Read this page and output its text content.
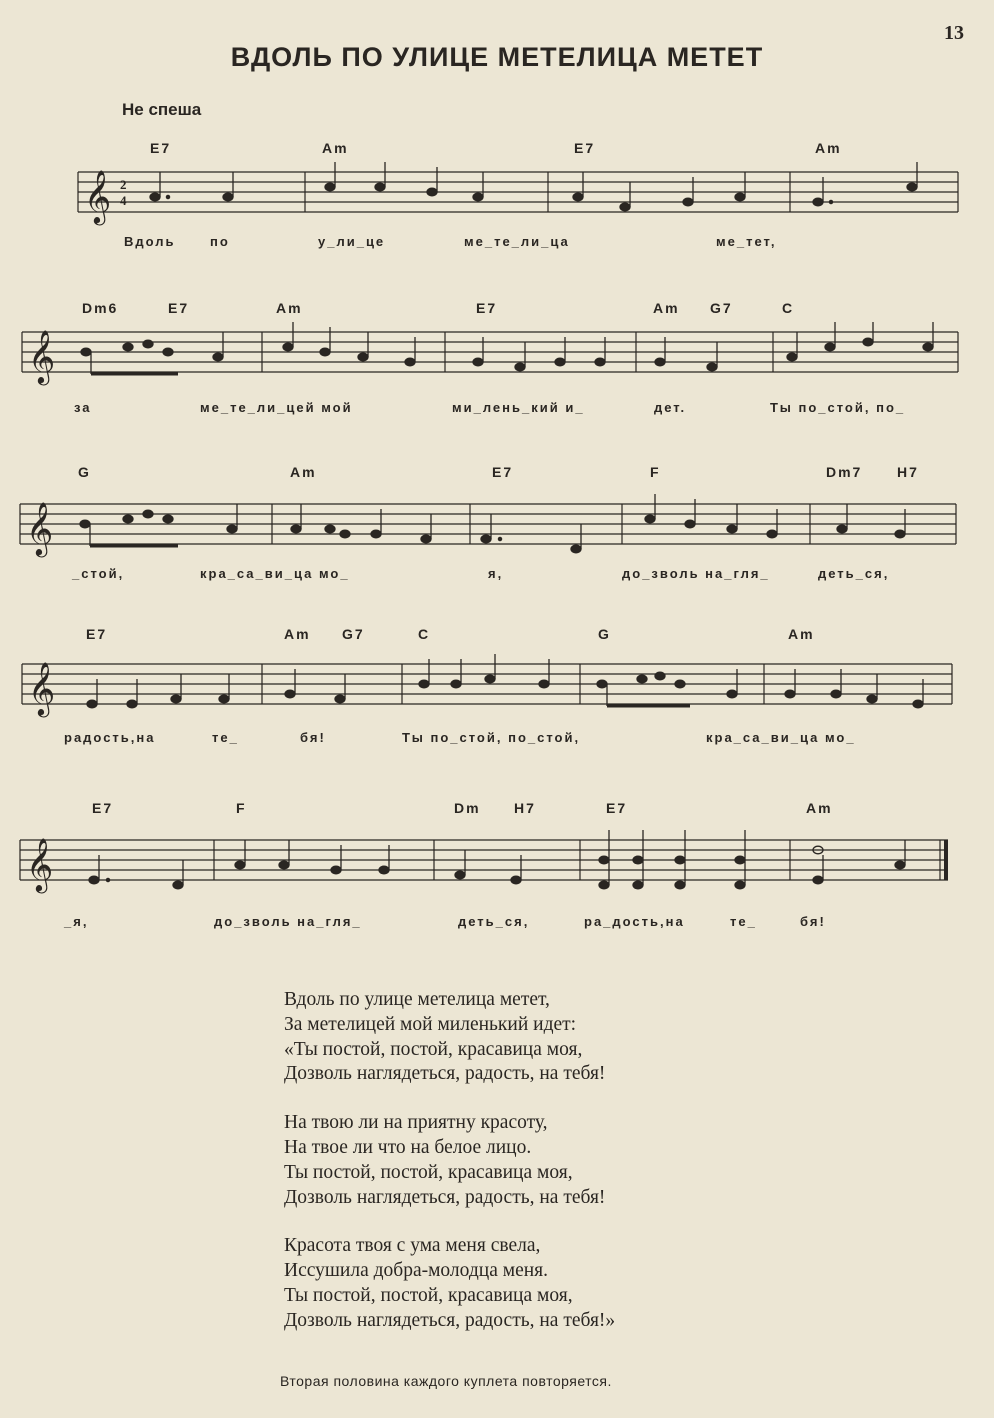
13
ВДОЛЬ ПО УЛИЦЕ МЕТЕЛИЦА МЕТЕТ
Не спеша
E7	Am	E7	Am
𝄞 2
4
Вдоль	по	у_ли_це	ме_те_ли_ца	ме_тет,
Dm6	E7	Am	E7	Am G7	C
𝄞
за	ме_те_ли_цей мой	ми_лень_кий и_	дет.	Ты по_стой, по_
G	Am	E7	F	Dm7 H7
𝄞
_стой,	кра_са_ви_ца мо_	я,	до_зволь на_гля_	деть_ся,
E7	Am G7	C	G	Am
𝄞
радость,на	те_	бя!	Ты по_стой, по_стой,	кра_са_ви_ца мо_
E7	F	Dm H7	E7	Am
𝄞
_я,	до_зволь на_гля_	деть_ся,	ра_дость,на	те_	бя!
Вдоль по улице метелица метет,
За метелицей мой миленький идет:
«Ты постой, постой, красавица моя,
Дозволь наглядеться, радость, на тебя!
На твою ли на приятну красоту,
На твое ли что на белое лицо.
Ты постой, постой, красавица моя,
Дозволь наглядеться, радость, на тебя!
Красота твоя с ума меня свела,
Иссушила добра-молодца меня.
Ты постой, постой, красавица моя,
Дозволь наглядеться, радость, на тебя!»
Вторая половина каждого куплета повторяется.
